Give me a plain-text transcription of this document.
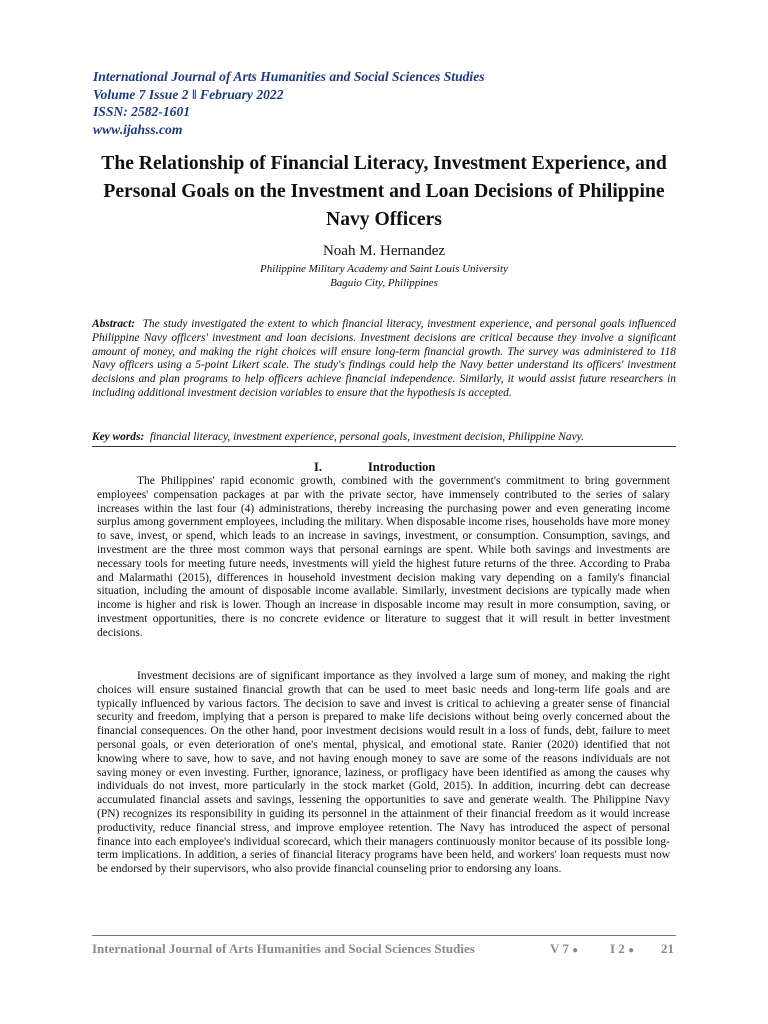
International Journal of Arts Humanities and Social Sciences Studies
Volume 7 Issue 2 ǁ February 2022
ISSN: 2582-1601
www.ijahss.com
The Relationship of Financial Literacy, Investment Experience, and Personal Goals on the Investment and Loan Decisions of Philippine Navy Officers
Noah M. Hernandez
Philippine Military Academy and Saint Louis University
Baguio City, Philippines

Abstract: The study investigated the extent to which financial literacy, investment experience, and personal goals influenced Philippine Navy officers' investment and loan decisions. Investment decisions are critical because they involve a significant amount of money, and making the right choices will ensure long-term financial growth. The survey was administered to 118 Navy officers using a 5-point Likert scale. The study's findings could help the Navy better understand its officers' investment decisions and plan programs to help officers achieve financial independence. Similarly, it would assist future researchers in including additional investment decision variables to ensure that the hypothesis is accepted.

Key words: financial literacy, investment experience, personal goals, investment decision, Philippine Navy.
I.	Introduction

The Philippines' rapid economic growth, combined with the government's commitment to bring government employees' compensation packages at par with the private sector, have immensely contributed to the series of salary increases within the last four (4) administrations, thereby increasing the purchasing power and even generating income surplus among government employees, including the military. When disposable income rises, households have more money to save, invest, or spend, which leads to an increase in savings, investment, or consumption. Consumption, savings, and investment are the three most common ways that personal earnings are spent. While both savings and investments are necessary tools for meeting future needs, investments will yield the highest future returns of the three. According to Praba and Malarmathi (2015), differences in household investment decision making vary depending on a family's financial situation, including the amount of disposable income available. Similarly, investment decisions are typically made when income is higher and risk is lower. Though an increase in disposable income may result in more consumption, saving, or investment opportunities, there is no concrete evidence or literature to suggest that it will result in better investment decisions.

Investment decisions are of significant importance as they involved a large sum of money, and making the right choices will ensure sustained financial growth that can be used to meet basic needs and long-term life goals and are typically influenced by various factors. The decision to save and invest is critical to achieving a greater sense of financial security and freedom, implying that a person is prepared to make life decisions without being overly concerned about the financial consequences. On the other hand, poor investment decisions would result in a loss of funds, debt, failure to meet personal goals, or even deterioration of one's mental, physical, and emotional state. Ranier (2020) identified that not knowing where to save, how to save, and not having enough money to save are some of the reasons individuals are not saving money or even investing. Further, ignorance, laziness, or profligacy have been identified as among the causes why individuals do not invest, more particularly in the stock market (Gold, 2015). In addition, incurring debt can decrease accumulated financial assets and savings, lessening the opportunities to save and generate wealth. The Philippine Navy (PN) recognizes its responsibility in guiding its personnel in the attainment of their financial freedom as it would increase productivity, reduce financial stress, and improve employee retention. The Navy has introduced the aspect of personal finance into each employee's individual scorecard, which their managers continuously monitor because of its possible long-term implications. In addition, a series of financial literacy programs have been held, and workers' loan requests must now be endorsed by their supervisors, who also provide financial counseling prior to endorsing any loans.

International Journal of Arts Humanities and Social Sciences Studies	V 7 ● I 2 ● 21
